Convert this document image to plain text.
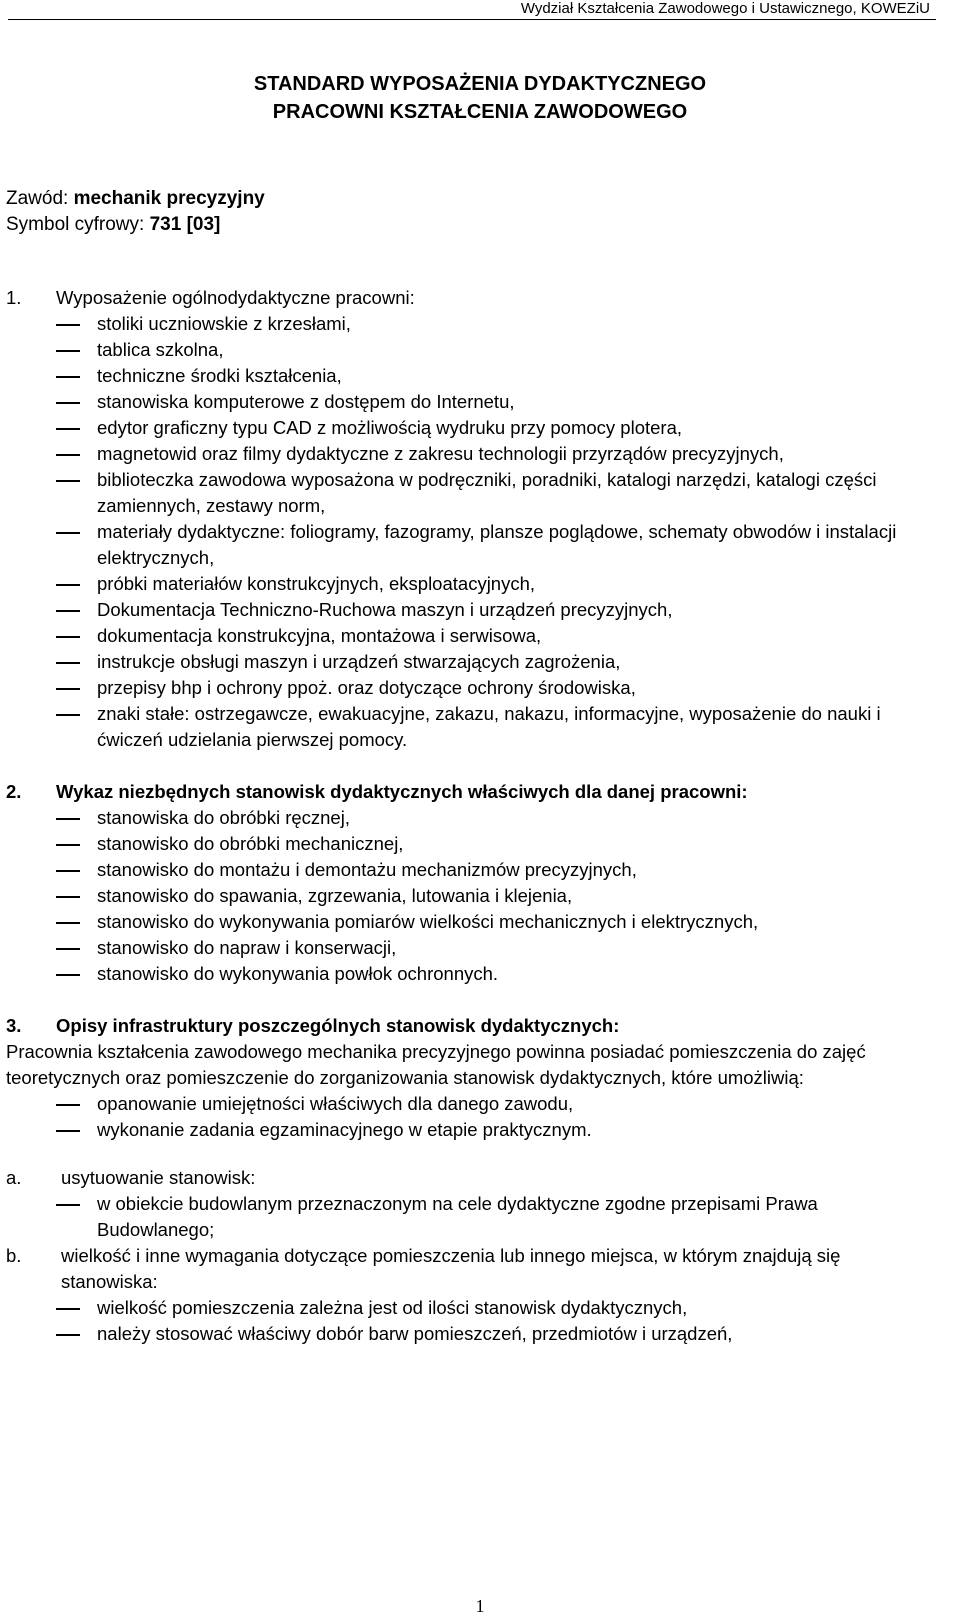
Wydział Kształcenia Zawodowego i Ustawicznego, KOWEZiU
STANDARD WYPOSAŻENIA DYDAKTYCZNEGO
PRACOWNI KSZTAŁCENIA ZAWODOWEGO
Zawód: mechanik precyzyjny
Symbol cyfrowy: 731 [03]
1.	Wyposażenie ogólnodydaktyczne pracowni:
stoliki uczniowskie z krzesłami,
tablica szkolna,
techniczne środki kształcenia,
stanowiska komputerowe z dostępem do Internetu,
edytor graficzny typu CAD z możliwością wydruku przy pomocy plotera,
magnetowid oraz filmy dydaktyczne z zakresu technologii przyrządów precyzyjnych,
biblioteczka zawodowa wyposażona w podręczniki, poradniki, katalogi narzędzi, katalogi części zamiennych, zestawy norm,
materiały dydaktyczne: foliogramy, fazogramy, plansze poglądowe, schematy obwodów i instalacji elektrycznych,
próbki materiałów konstrukcyjnych, eksploatacyjnych,
Dokumentacja Techniczno-Ruchowa maszyn i urządzeń precyzyjnych,
dokumentacja konstrukcyjna, montażowa i serwisowa,
instrukcje obsługi maszyn i urządzeń stwarzających zagrożenia,
przepisy bhp i ochrony ppoż. oraz dotyczące ochrony środowiska,
znaki stałe: ostrzegawcze, ewakuacyjne, zakazu, nakazu, informacyjne, wyposażenie do nauki i ćwiczeń udzielania pierwszej pomocy.
2.	Wykaz niezbędnych stanowisk dydaktycznych właściwych dla danej pracowni:
stanowiska do obróbki ręcznej,
stanowisko do obróbki mechanicznej,
stanowisko do montażu i demontażu mechanizmów precyzyjnych,
stanowisko do spawania, zgrzewania, lutowania i klejenia,
stanowisko do wykonywania pomiarów wielkości mechanicznych i elektrycznych,
stanowisko do napraw i konserwacji,
stanowisko do wykonywania powłok ochronnych.
3.	Opisy infrastruktury poszczególnych stanowisk dydaktycznych:

Pracownia kształcenia zawodowego mechanika precyzyjnego powinna posiadać pomieszczenia do zajęć teoretycznych oraz pomieszczenie do zorganizowania stanowisk dydaktycznych, które umożliwią:

opanowanie umiejętności właściwych dla danego zawodu,
wykonanie zadania egzaminacyjnego w etapie praktycznym.
a.	usytuowanie stanowisk:
w obiekcie budowlanym przeznaczonym na cele dydaktyczne zgodne przepisami Prawa Budowlanego;
b.	wielkość i inne wymagania dotyczące pomieszczenia lub innego miejsca, w którym znajdują się stanowiska:
wielkość pomieszczenia zależna jest od ilości stanowisk dydaktycznych,
należy stosować właściwy dobór barw pomieszczeń, przedmiotów i urządzeń,
1
